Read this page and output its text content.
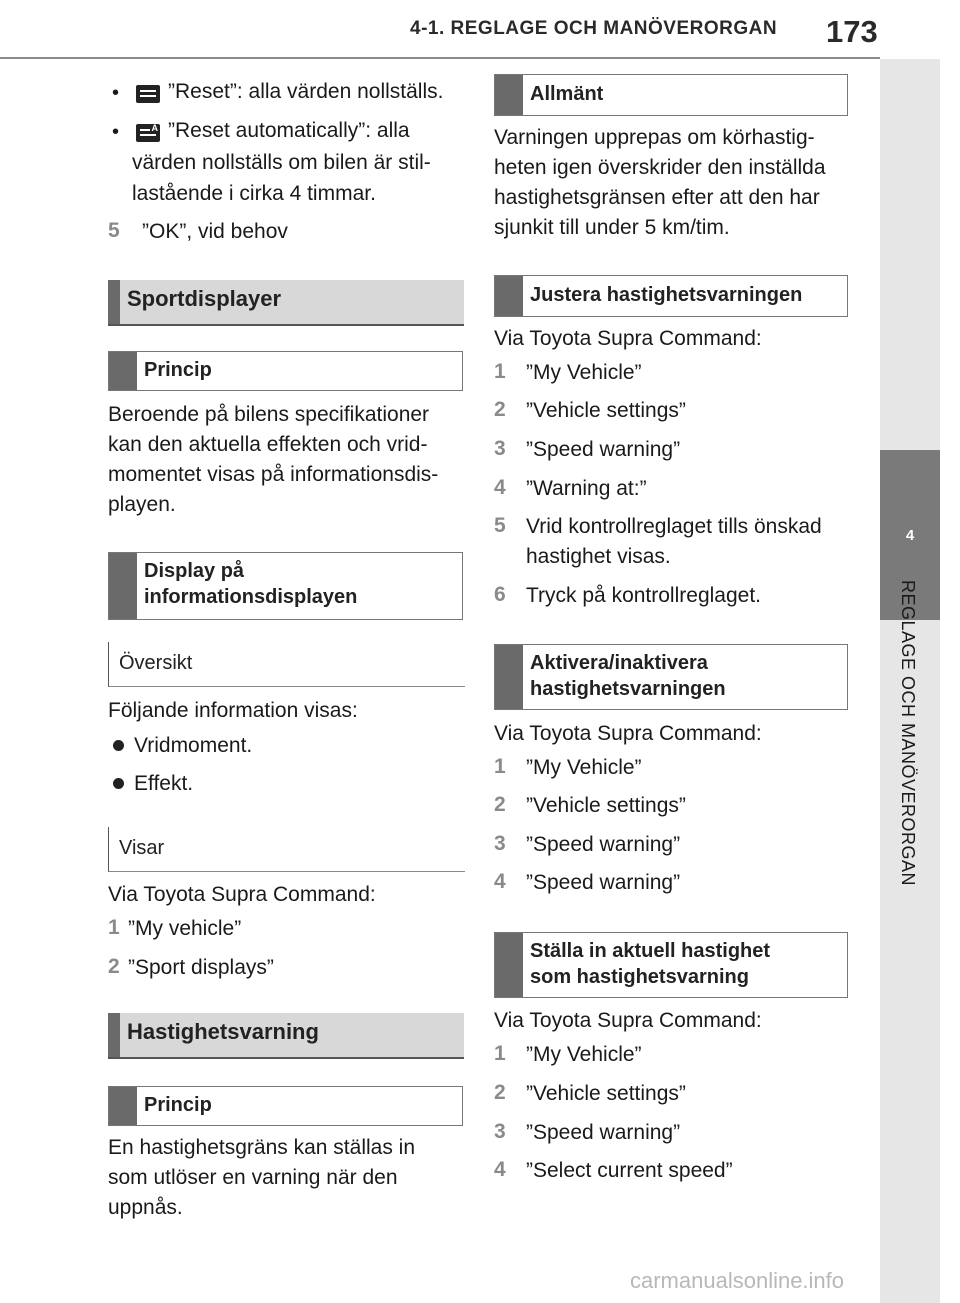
4-1. REGLAGE OCH MANÖVERORGAN 173
4
REGLAGE OCH MANÖVERORGAN
• ”Reset”: alla värden nollställs.

•	A ”Reset automatically”: alla

värden nollställs om bilen är stil-

lastående i cirka 4 timmar.

5 ”OK”, vid behov

Sportdisplayer
Princip

Beroende på bilens specifikationer

kan den aktuella effekten och vrid-

momentet visas på informationsdis-

playen.

Display på
informationsdisplayen
Översikt

Följande information visas:

Vridmoment.

Effekt.

Visar

Via Toyota Supra Command:

1 ”My vehicle”

2 ”Sport displays”

Hastighetsvarning
Princip

En hastighetsgräns kan ställas in

som utlöser en varning när den

uppnås.

Allmänt

Varningen upprepas om körhastig-

heten igen överskrider den inställda

hastighetsgränsen efter att den har

sjunkit till under 5 km/tim.

Justera hastighetsvarningen

Via Toyota Supra Command:

1 ”My Vehicle”

2 ”Vehicle settings”

3 ”Speed warning”

4 ”Warning at:”

5 Vrid kontrollreglaget tills önskad

hastighet visas.

6 Tryck på kontrollreglaget.

Aktivera/inaktivera
hastighetsvarningen

Via Toyota Supra Command:

1 ”My Vehicle”

2 ”Vehicle settings”

3 ”Speed warning”

4 ”Speed warning”

Ställa in aktuell hastighet
som hastighetsvarning

Via Toyota Supra Command:

1 ”My Vehicle”

2 ”Vehicle settings”

3 ”Speed warning”

4 ”Select current speed”

carmanualsonline.info
